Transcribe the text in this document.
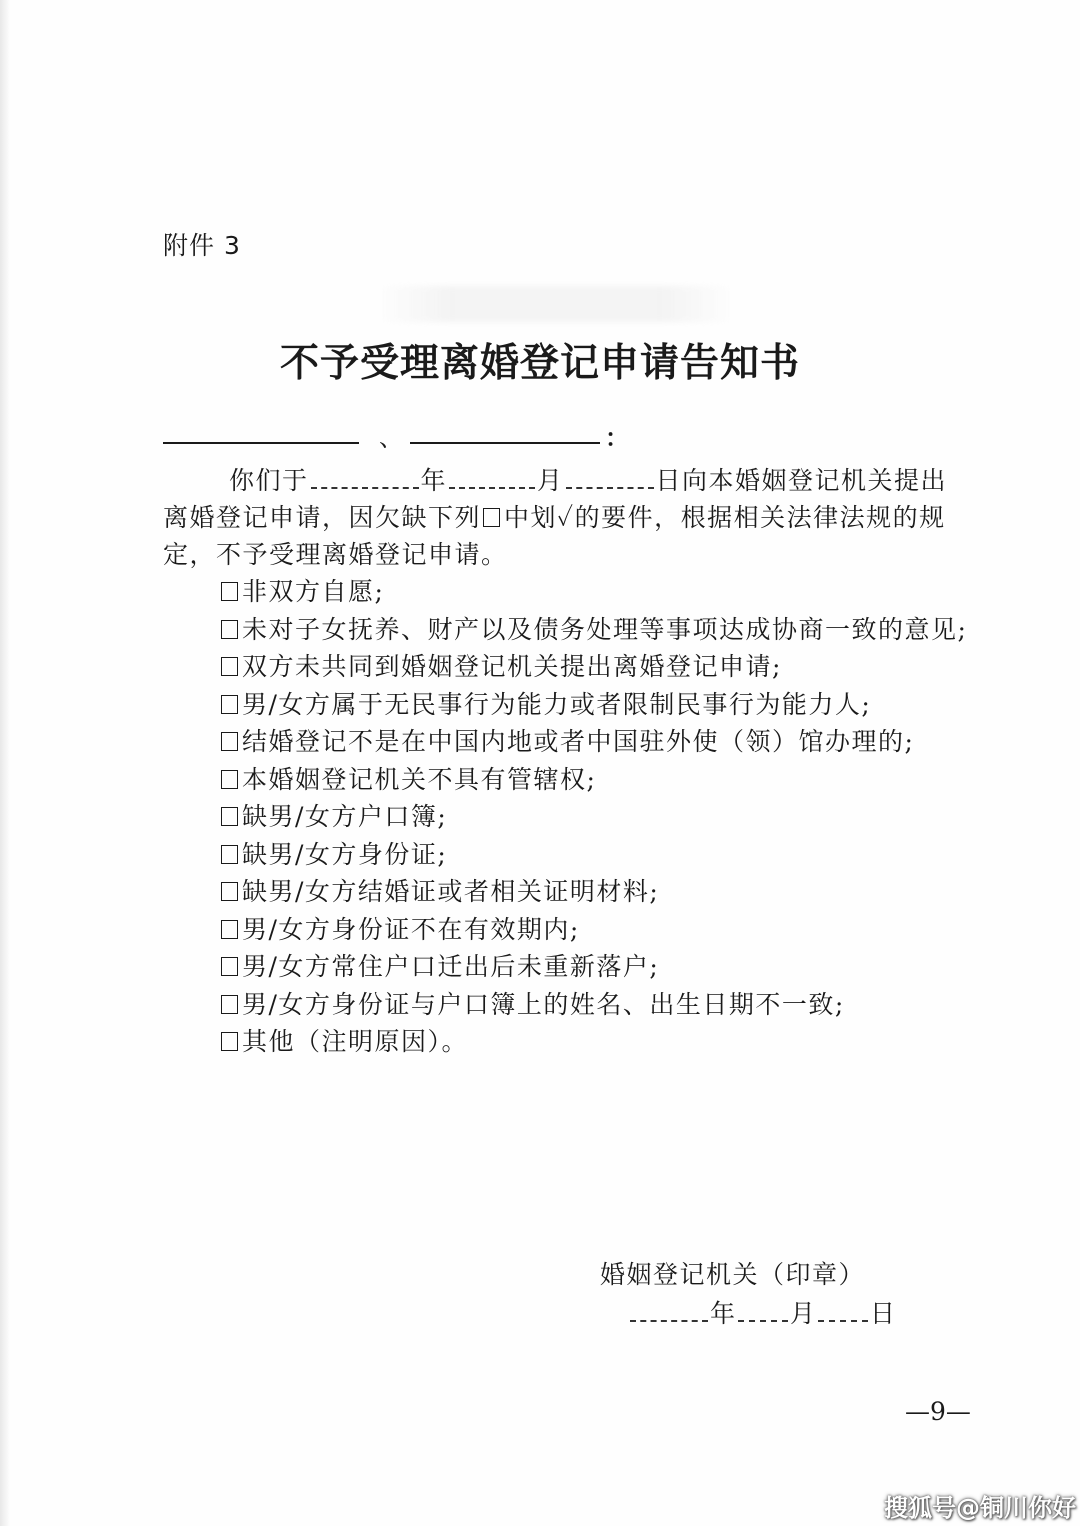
附件 3
不予受理离婚登记申请告知书
、	：
你们于	年	月	日向本婚姻登记机关提出离婚登记申请，因欠缺下列 中划✓的要件，根据相关法律法规的规定，不予受理离婚登记申请。
非双方自愿;
未对子女抚养、财产以及债务处理等事项达成协商一致的意见;
双方未共同到婚姻登记机关提出离婚登记申请;
男/女方属于无民事行为能力或者限制民事行为能力人;
结婚登记不是在中国内地或者中国驻外使（领）馆办理的;
本婚姻登记机关不具有管辖权;
缺男/女方户口簿;
缺男/女方身份证;
缺男/女方结婚证或者相关证明材料;
男/女方身份证不在有效期内;
男/女方常住户口迁出后未重新落户;
男/女方身份证与户口簿上的姓名、出生日期不一致;
其他（注明原因）。
婚姻登记机关（印章）
年 月 日
—9—
搜狐号@铜川你好
